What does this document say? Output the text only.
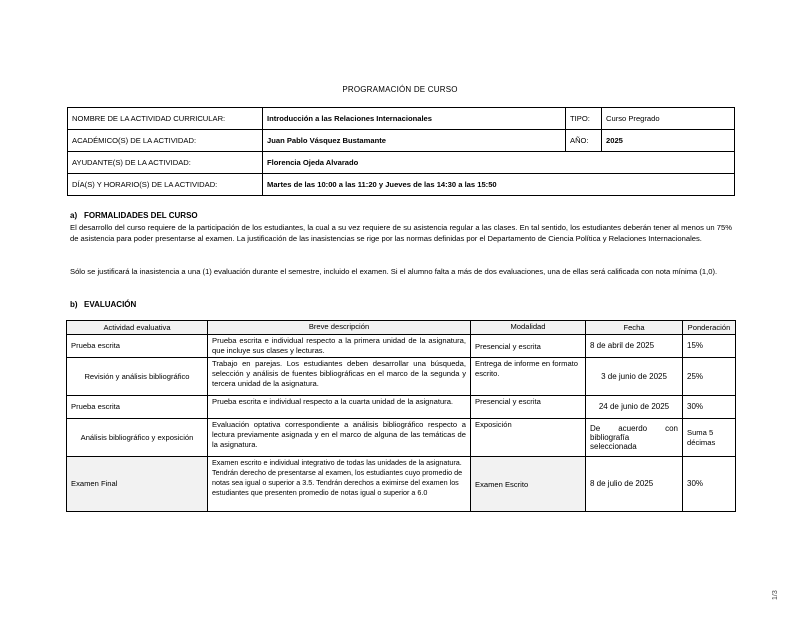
PROGRAMACIÓN DE CURSO
NOMBRE DE LA ACTIVIDAD CURRICULAR:	Introducción a las Relaciones Internacionales	TIPO:	Curso Pregrado
ACADÉMICO(S) DE LA ACTIVIDAD:	Juan Pablo Vásquez Bustamante	AÑO:	2025
AYUDANTE(S) DE LA ACTIVIDAD:	Florencia Ojeda Alvarado		
DÍA(S) Y HORARIO(S) DE LA ACTIVIDAD:	Martes de las 10:00 a las 11:20 y Jueves de las 14:30 a las 15:50		
a) FORMALIDADES DEL CURSO
El desarrollo del curso requiere de la participación de los estudiantes, la cual a su vez requiere de su asistencia regular a las clases. En tal sentido, los estudiantes deberán tener al menos un 75% de asistencia para poder presentarse al examen. La justificación de las inasistencias se rige por las normas definidas por el Departamento de Ciencia Política y Relaciones Internacionales.
Sólo se justificará la inasistencia a una (1) evaluación durante el semestre, incluido el examen. Si el alumno falta a más de dos evaluaciones, una de ellas será calificada con nota mínima (1,0).
b) EVALUACIÓN
Actividad evaluativa	Breve descripción	Modalidad	Fecha	Ponderación
Prueba escrita	Prueba escrita e individual respecto a la primera unidad de la asignatura, que incluye sus clases y lecturas.	Presencial y escrita	8 de abril de 2025	15%
Revisión y análisis bibliográfico	Trabajo en parejas. Los estudiantes deben desarrollar una búsqueda, selección y análisis de fuentes bibliográficas en el marco de la segunda y tercera unidad de la asignatura.	Entrega de informe en formato escrito.	3 de junio de 2025	25%
Prueba escrita	Prueba escrita e individual respecto a la cuarta unidad de la asignatura.	Presencial y escrita	24 de junio de 2025	30%
Análisis bibliográfico y exposición	Evaluación optativa correspondiente a análisis bibliográfico respecto a lectura previamente asignada y en el marco de alguna de las temáticas de la asignatura.	Exposición	De acuerdo con bibliografía seleccionada	Suma 5 décimas
Examen Final	Examen escrito e individual integrativo de todas las unidades de la asignatura. Tendrán derecho de presentarse al examen, los estudiantes cuyo promedio de notas sea igual o superior a 3.5. Tendrán derechos a eximirse del examen los estudiantes que presenten promedio de notas igual o superior a 6.0	Examen Escrito	8 de julio de 2025	30%
1/3
